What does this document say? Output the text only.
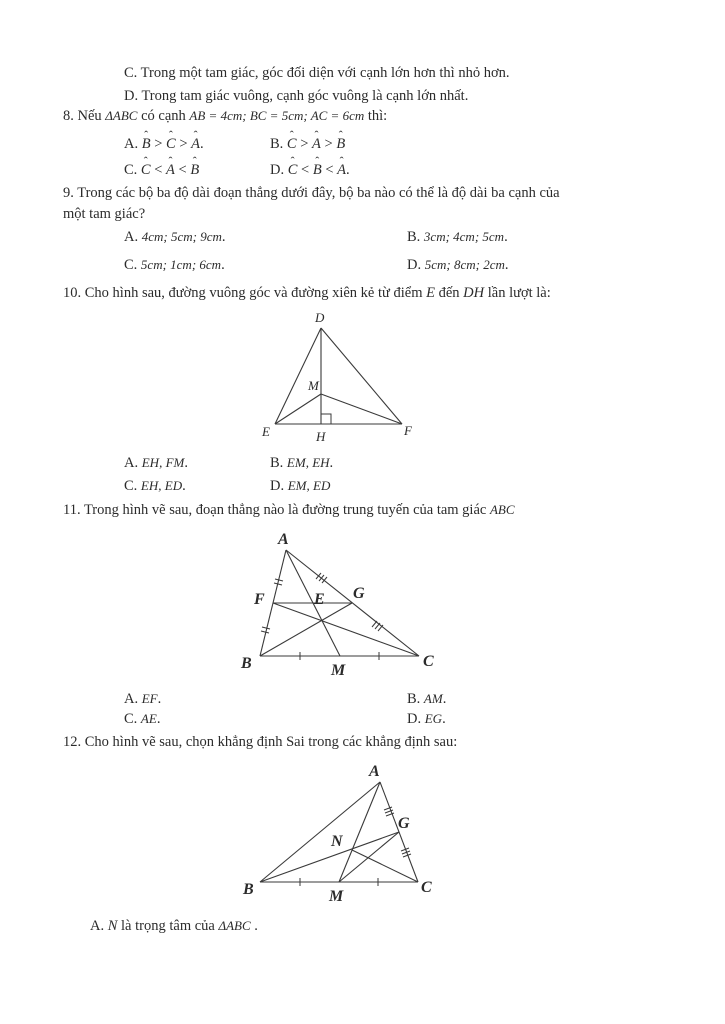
C. Trong một tam giác, góc đối diện với cạnh lớn hơn thì nhỏ hơn.
D. Trong tam giác vuông, cạnh góc vuông là cạnh lớn nhất.
8. Nếu ΔABC có cạnh AB = 4cm; BC = 5cm; AC = 6cm thì:
A. ˆ B > ˆ C > ˆ A.	B. ˆ C > ˆ A > ˆ B
C. ˆ C < ˆ A < ˆ B	D. ˆ C < ˆ B < ˆ A.
9. Trong các bộ ba độ dài đoạn thẳng dưới đây, bộ ba nào có thể là độ dài ba cạnh của
một tam giác?
A. 4cm; 5cm; 9cm.	B. 3cm; 4cm; 5cm.
C. 5cm; 1cm; 6cm.	D. 5cm; 8cm; 2cm.
10. Cho hình sau, đường vuông góc và đường xiên kẻ từ điểm E đến DH lần lượt là:
D
M
E	H	F
A. EH, FM.	B. EM, EH.
C. EH, ED.	D. EM, ED
11. Trong hình vẽ sau, đoạn thẳng nào là đường trung tuyến của tam giác ABC
A
F	E G
B	M
C
A. EF.	B. AM.
C. AE.	D. EG.
12. Cho hình vẽ sau, chọn khẳng định Sai trong các khẳng định sau:
A
G
N
B	M
C
A. N là trọng tâm của ΔABC .
